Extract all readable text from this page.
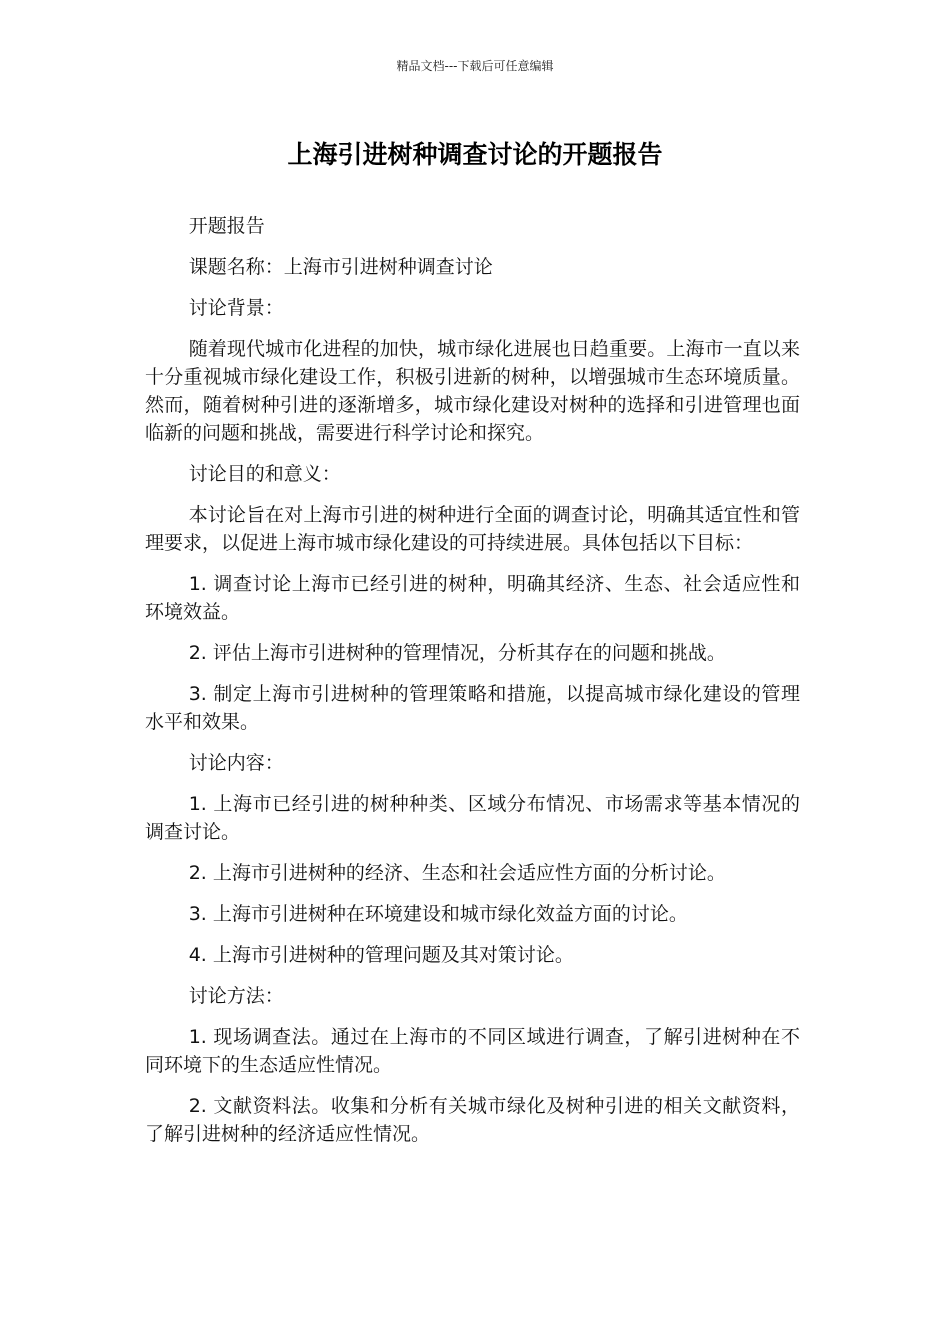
精品文档---下载后可任意编辑
上海引进树种调查讨论的开题报告

开题报告

课题名称：上海市引进树种调查讨论

讨论背景：

随着现代城市化进程的加快，城市绿化进展也日趋重要。上海市一直以来十分重视城市绿化建设工作，积极引进新的树种，以增强城市生态环境质量。然而，随着树种引进的逐渐增多，城市绿化建设对树种的选择和引进管理也面临新的问题和挑战，需要进行科学讨论和探究。

讨论目的和意义：

本讨论旨在对上海市引进的树种进行全面的调查讨论，明确其适宜性和管理要求，以促进上海市城市绿化建设的可持续进展。具体包括以下目标：

1. 调查讨论上海市已经引进的树种，明确其经济、生态、社会适应性和环境效益。

2. 评估上海市引进树种的管理情况，分析其存在的问题和挑战。

3. 制定上海市引进树种的管理策略和措施，以提高城市绿化建设的管理水平和效果。

讨论内容：

1. 上海市已经引进的树种种类、区域分布情况、市场需求等基本情况的调查讨论。

2. 上海市引进树种的经济、生态和社会适应性方面的分析讨论。

3. 上海市引进树种在环境建设和城市绿化效益方面的讨论。

4. 上海市引进树种的管理问题及其对策讨论。

讨论方法：

1. 现场调查法。通过在上海市的不同区域进行调查，了解引进树种在不同环境下的生态适应性情况。

2. 文献资料法。收集和分析有关城市绿化及树种引进的相关文献资料，了解引进树种的经济适应性情况。
